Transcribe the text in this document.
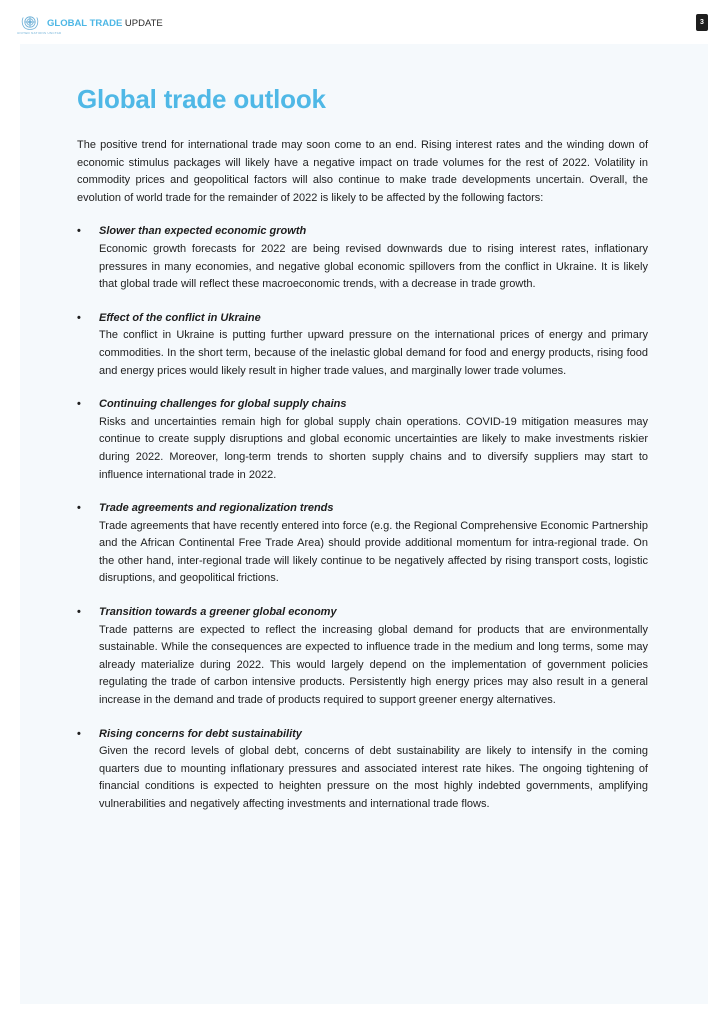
UNITED NATIONS UNCTAD
GLOBAL TRADE UPDATE	3
Global trade outlook

The positive trend for international trade may soon come to an end. Rising interest rates and the winding down of economic stimulus packages will likely have a negative impact on trade volumes for the rest of 2022. Volatility in commodity prices and geopolitical factors will also continue to make trade developments uncertain. Overall, the evolution of world trade for the remainder of 2022 is likely to be affected by the following factors:

• Slower than expected economic growth
Economic growth forecasts for 2022 are being revised downwards due to rising interest rates, inflationary pressures in many economies, and negative global economic spillovers from the conflict in Ukraine. It is likely that global trade will reflect these macroeconomic trends, with a decrease in trade growth.
• Effect of the conflict in Ukraine
The conflict in Ukraine is putting further upward pressure on the international prices of energy and primary commodities. In the short term, because of the inelastic global demand for food and energy products, rising food and energy prices would likely result in higher trade values, and marginally lower trade volumes.
• Continuing challenges for global supply chains
Risks and uncertainties remain high for global supply chain operations. COVID-19 mitigation measures may continue to create supply disruptions and global economic uncertainties are likely to make investments riskier during 2022. Moreover, long-term trends to shorten supply chains and to diversify suppliers may start to influence international trade in 2022.
• Trade agreements and regionalization trends
Trade agreements that have recently entered into force (e.g. the Regional Comprehensive Economic Partnership and the African Continental Free Trade Area) should provide additional momentum for intra-regional trade. On the other hand, inter-regional trade will likely continue to be negatively affected by rising transport costs, logistic disruptions, and geopolitical frictions.
• Transition towards a greener global economy
Trade patterns are expected to reflect the increasing global demand for products that are environmentally sustainable. While the consequences are expected to influence trade in the medium and long terms, some may already materialize during 2022. This would largely depend on the implementation of government policies regulating the trade of carbon intensive products. Persistently high energy prices may also result in a general increase in the demand and trade of products required to support greener energy alternatives.
• Rising concerns for debt sustainability
Given the record levels of global debt, concerns of debt sustainability are likely to intensify in the coming quarters due to mounting inflationary pressures and associated interest rate hikes. The ongoing tightening of financial conditions is expected to heighten pressure on the most highly indebted governments, amplifying vulnerabilities and negatively affecting investments and international trade flows.
